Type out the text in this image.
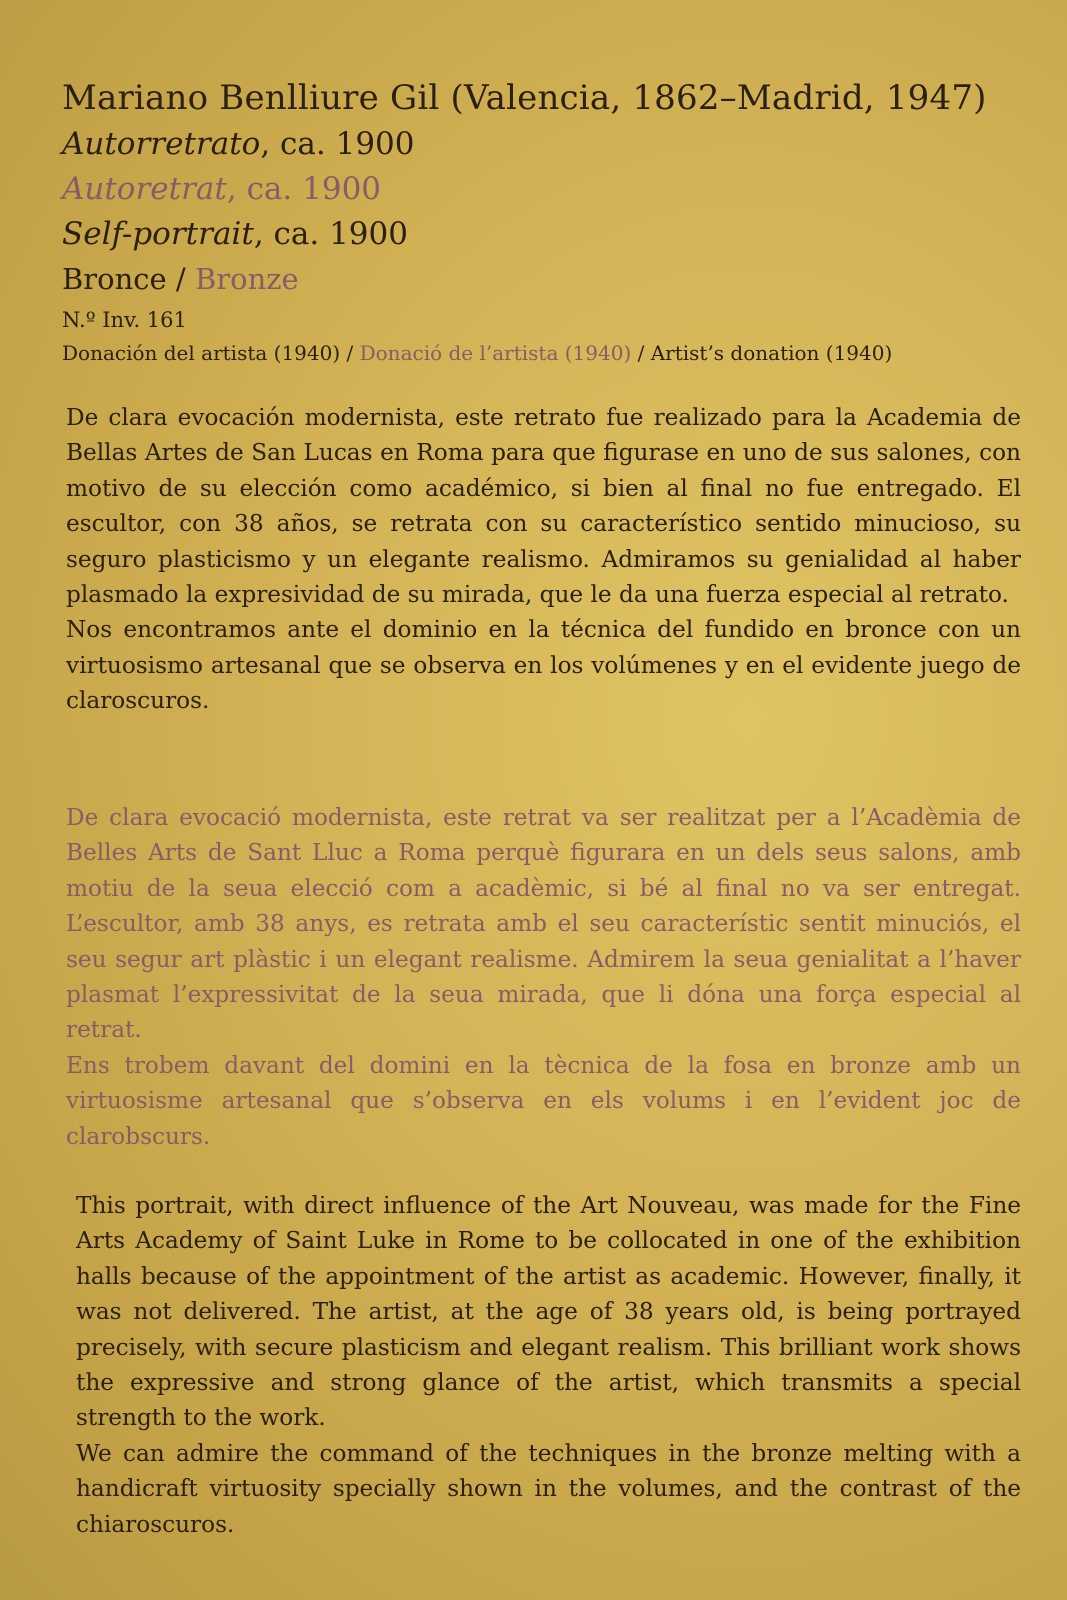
Mariano Benlliure Gil (Valencia, 1862–Madrid, 1947)
Autorretrato, ca. 1900
Autoretrat, ca. 1900
Self-portrait, ca. 1900
Bronce / Bronze
N.º Inv. 161
Donación del artista (1940) / Donació de l’artista (1940) / Artist’s donation (1940)

De clara evocación modernista, este retrato fue realizado para la Academia de Bellas Artes de San Lucas en Roma para que figurase en uno de sus salones, con motivo de su elección como académico, si bien al final no fue entregado. El escultor, con 38 años, se retrata con su característico sentido minucioso, su seguro plasticismo y un elegante realismo. Admiramos su genialidad al haber plasmado la expresividad de su mirada, que le da una fuerza especial al retrato.

Nos encontramos ante el dominio en la técnica del fundido en bronce con un virtuosismo artesanal que se observa en los volúmenes y en el evidente juego de claroscuros.

De clara evocació modernista, este retrat va ser realitzat per a l’Acadèmia de Belles Arts de Sant Lluc a Roma perquè figurara en un dels seus salons, amb motiu de la seua elecció com a acadèmic, si bé al final no va ser entregat. L’escultor, amb 38 anys, es retrata amb el seu característic sentit minuciós, el seu segur art plàstic i un elegant realisme. Admirem la seua genialitat a l’haver plasmat l’expressivitat de la seua mirada, que li dóna una força especial al retrat.

Ens trobem davant del domini en la tècnica de la fosa en bronze amb un virtuosisme artesanal que s’observa en els volums i en l’evident joc de clarobscurs.

This portrait, with direct influence of the Art Nouveau, was made for the Fine Arts Academy of Saint Luke in Rome to be collocated in one of the exhibition halls because of the appointment of the artist as academic. However, finally, it was not delivered. The artist, at the age of 38 years old, is being portrayed precisely, with secure plasticism and elegant realism. This brilliant work shows the expressive and strong glance of the artist, which transmits a special strength to the work.

We can admire the command of the techniques in the bronze melting with a handicraft virtuosity specially shown in the volumes, and the contrast of the chiaroscuros.
